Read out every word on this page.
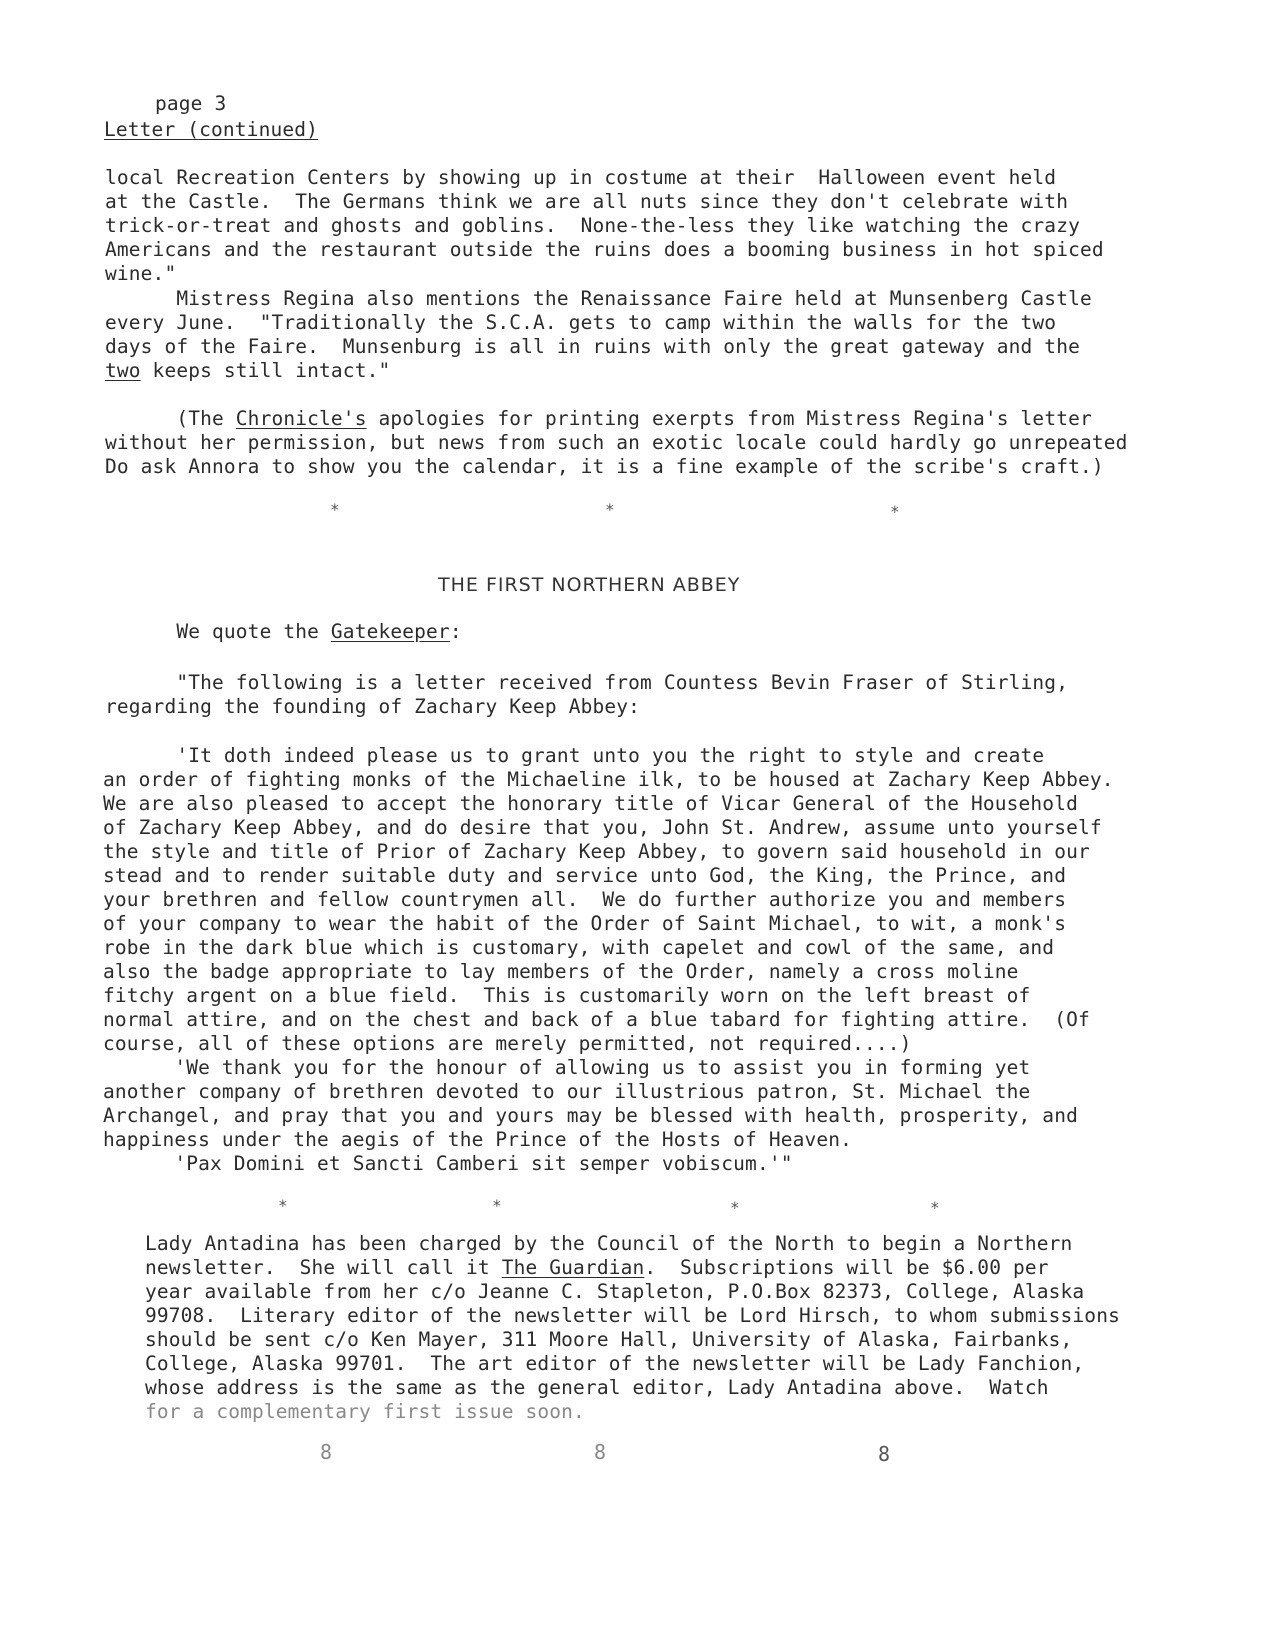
page 3
Letter (continued)
local Recreation Centers by showing up in costume at their  Halloween event held
at the Castle.  The Germans think we are all nuts since they don't celebrate with
trick-or-treat and ghosts and goblins.  None-the-less they like watching the crazy
Americans and the restaurant outside the ruins does a booming business in hot spiced
wine."
Mistress Regina also mentions the Renaissance Faire held at Munsenberg Castle
every June.  "Traditionally the S.C.A. gets to camp within the walls for the two
days of the Faire.  Munsenburg is all in ruins with only the great gateway and the
two keeps still intact."
(The Chronicle's apologies for printing exerpts from Mistress Regina's letter
without her permission, but news from such an exotic locale could hardly go unrepeated
Do ask Annora to show you the calendar, it is a fine example of the scribe's craft.)
*	*	*
THE FIRST NORTHERN ABBEY
We quote the Gatekeeper:
"The following is a letter received from Countess Bevin Fraser of Stirling,
regarding the founding of Zachary Keep Abbey:
'It doth indeed please us to grant unto you the right to style and create
an order of fighting monks of the Michaeline ilk, to be housed at Zachary Keep Abbey.
We are also pleased to accept the honorary title of Vicar General of the Household
of Zachary Keep Abbey, and do desire that you, John St. Andrew, assume unto yourself
the style and title of Prior of Zachary Keep Abbey, to govern said household in our
stead and to render suitable duty and service unto God, the King, the Prince, and
your brethren and fellow countrymen all.  We do further authorize you and members
of your company to wear the habit of the Order of Saint Michael, to wit, a monk's
robe in the dark blue which is customary, with capelet and cowl of the same, and
also the badge appropriate to lay members of the Order, namely a cross moline
fitchy argent on a blue field.  This is customarily worn on the left breast of
normal attire, and on the chest and back of a blue tabard for fighting attire.  (Of
course, all of these options are merely permitted, not required....)
'We thank you for the honour of allowing us to assist you in forming yet
another company of brethren devoted to our illustrious patron, St. Michael the
Archangel, and pray that you and yours may be blessed with health, prosperity, and
happiness under the aegis of the Prince of the Hosts of Heaven.
'Pax Domini et Sancti Camberi sit semper vobiscum.'"
*	*	*	*
Lady Antadina has been charged by the Council of the North to begin a Northern
newsletter.  She will call it The Guardian.  Subscriptions will be $6.00 per
year available from her c/o Jeanne C. Stapleton, P.O.Box 82373, College, Alaska
99708.  Literary editor of the newsletter will be Lord Hirsch, to whom submissions
should be sent c/o Ken Mayer, 311 Moore Hall, University of Alaska, Fairbanks,
College, Alaska 99701.  The art editor of the newsletter will be Lady Fanchion,
whose address is the same as the general editor, Lady Antadina above.  Watch
for a complementary first issue soon.
8	8	8
